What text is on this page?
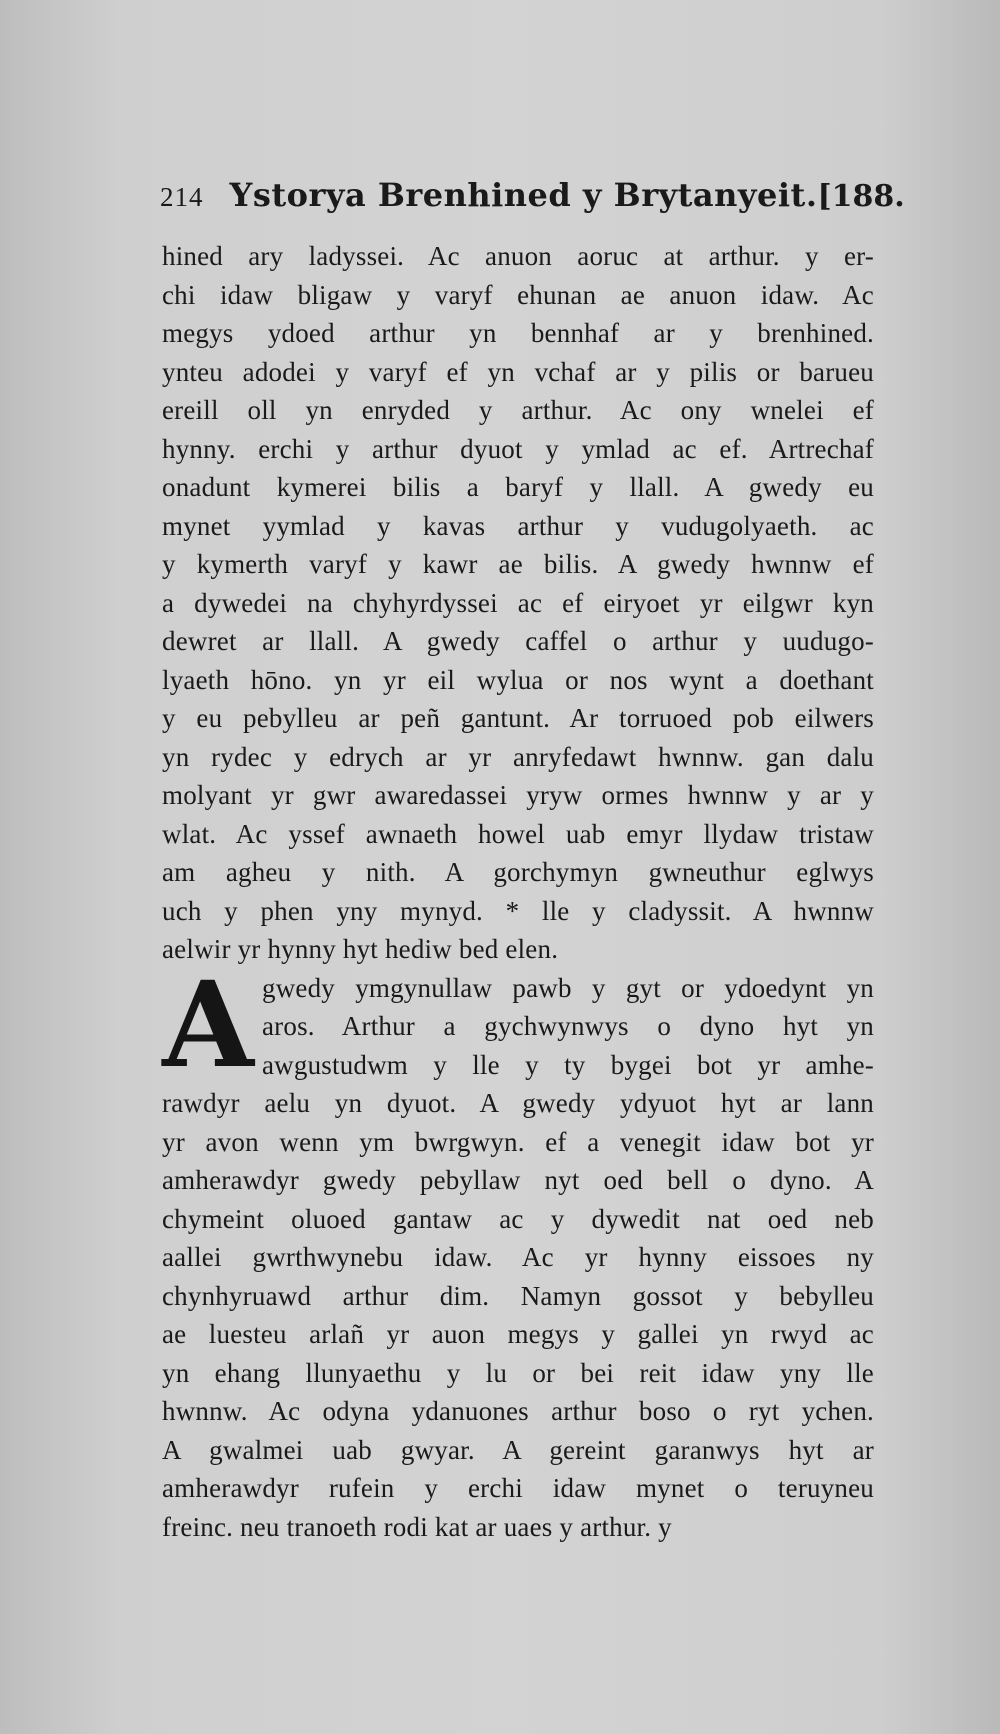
214 Ystorya Brenhined y Brytanyeit. [188.
hined ary ladyssei. Ac anuon aoruc at arthur. y er-
chi idaw bligaw y varyf ehunan ae anuon idaw. Ac
megys ydoed arthur yn bennhaf ar y brenhined.
ynteu adodei y varyf ef yn vchaf ar y pilis or barueu
ereill oll yn enryded y arthur. Ac ony wnelei ef
hynny. erchi y arthur dyuot y ymlad ac ef. Artrechaf
onadunt kymerei bilis a baryf y llall. A gwedy eu
mynet yymlad y kavas arthur y vudugolyaeth. ac
y kymerth varyf y kawr ae bilis. A gwedy hwnnw ef
a dywedei na chyhyrdyssei ac ef eiryoet yr eilgwr kyn
dewret ar llall. A gwedy caffel o arthur y uudugo-
lyaeth hōno. yn yr eil wylua or nos wynt a doethant
y eu pebylleu ar peñ gantunt. Ar torruoed pob eilwers
yn rydec y edrych ar yr anryfedawt hwnnw. gan dalu
molyant yr gwr awaredassei yryw ormes hwnnw y ar y
wlat. Ac yssef awnaeth howel uab emyr llydaw tristaw
am agheu y nith. A gorchymyn gwneuthur eglwys
uch y phen yny mynyd. * lle y cladyssit. A hwnnw
aelwir yr hynny hyt hediw bed elen.
A gwedy ymgynullaw pawb y gyt or ydoedynt yn
aros. Arthur a gychwynwys o dyno hyt yn
awgustudwm y lle y ty bygei bot yr amhe-
rawdyr aelu yn dyuot. A gwedy ydyuot hyt ar lann
yr avon wenn ym bwrgwyn. ef a venegit idaw bot yr
amherawdyr gwedy pebyllaw nyt oed bell o dyno. A
chymeint oluoed gantaw ac y dywedit nat oed neb
aallei gwrthwynebu idaw. Ac yr hynny eissoes ny
chynhyruawd arthur dim. Namyn gossot y bebylleu
ae luesteu arlañ yr auon megys y gallei yn rwyd ac
yn ehang llunyaethu y lu or bei reit idaw yny lle
hwnnw. Ac odyna ydanuones arthur boso o ryt ychen.
A gwalmei uab gwyar. A gereint garanwys hyt ar
amherawdyr rufein y erchi idaw mynet o teruyneu
freinc. neu tranoeth rodi kat ar uaes y arthur. y
